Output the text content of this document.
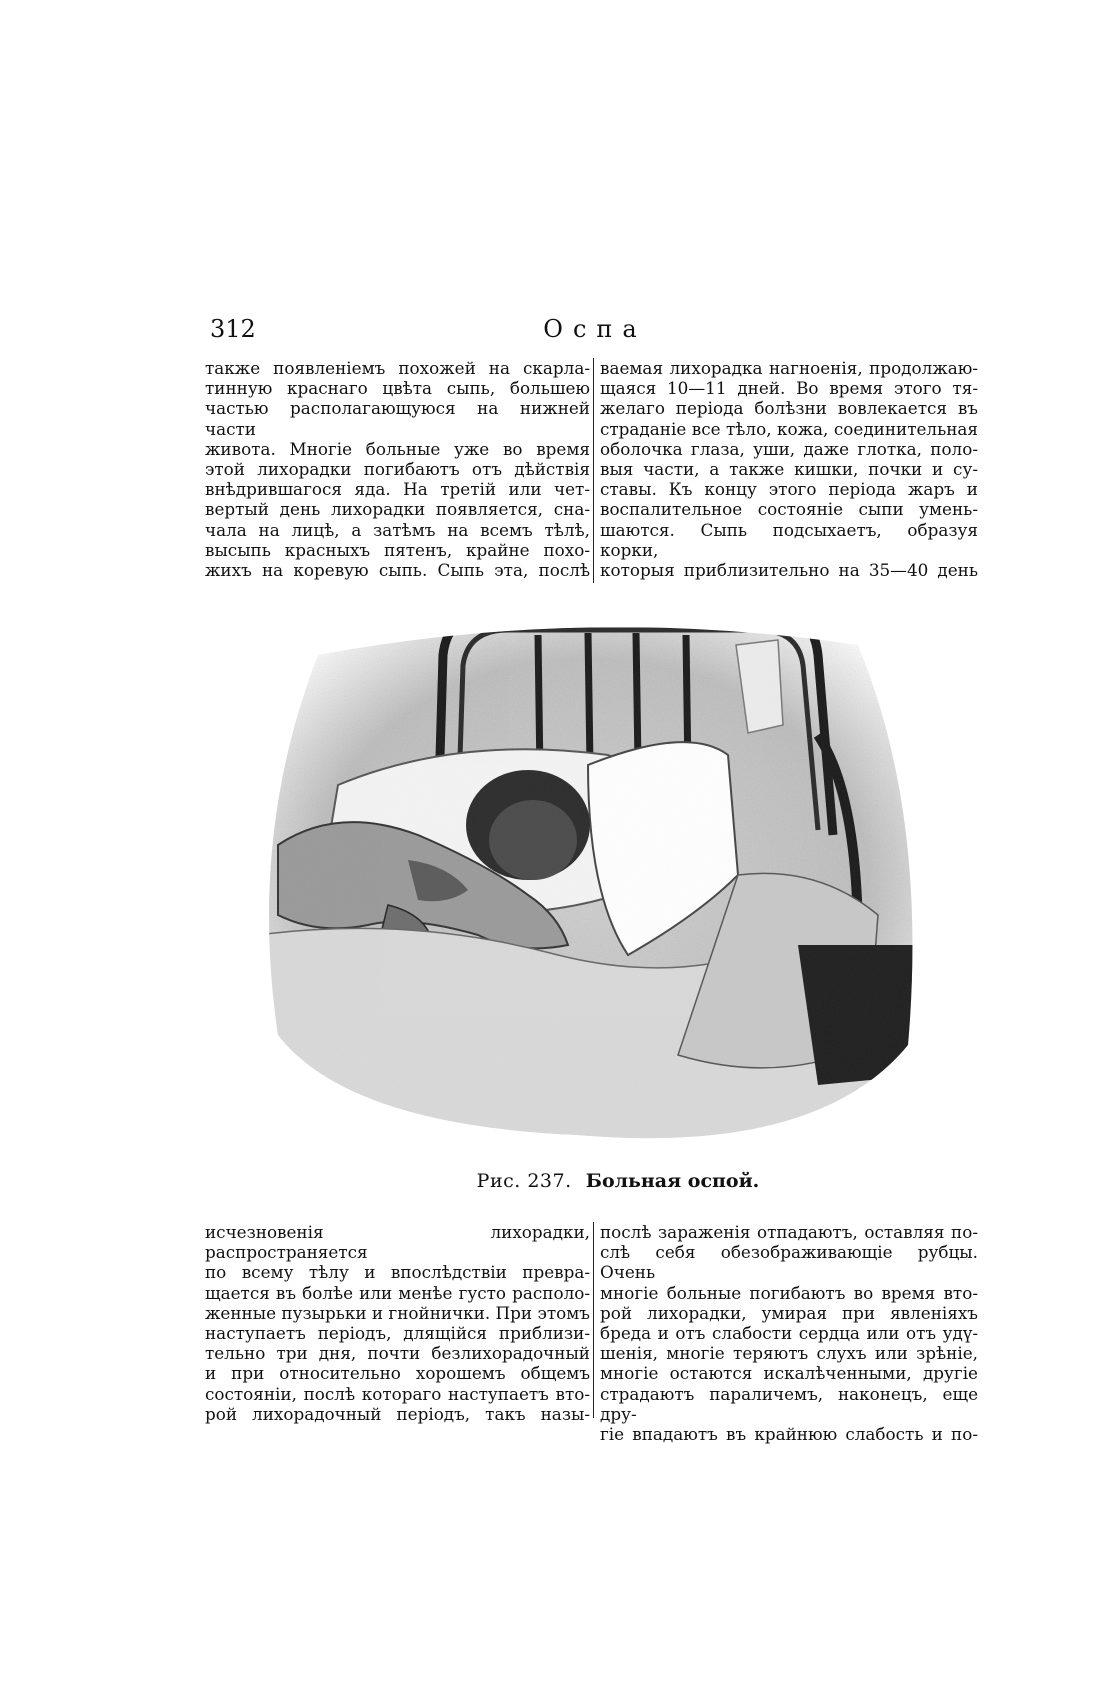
312	Оспа

также появленіемъ похожей на скарла-

тинную краснаго цвѣта сыпь, большею

частью располагающуюся на нижней части

живота. Многіе больные уже во время

этой лихорадки погибаютъ отъ дѣйствія

внѣдрившагося яда. На третій или чет-

вертый день лихорадки появляется, сна-

чала на лицѣ, а затѣмъ на всемъ тѣлѣ,

высыпь красныхъ пятенъ, крайне похо-

жихъ на коревую сыпь. Сыпь эта, послѣ

ваемая лихорадка нагноенія, продолжаю-

щаяся 10—11 дней. Во время этого тя-

желаго періода болѣзни вовлекается въ

страданіе все тѣло, кожа, соединительная

оболочка глаза, уши, даже глотка, поло-

выя части, а также кишки, почки и су-

ставы. Къ концу этого періода жаръ и

воспалительное состояніе сыпи умень-

шаются. Сыпь подсыхаетъ, образуя корки,

которыя приблизительно на 35—40 день

Рис. 237. Больная оспой.

исчезновенія лихорадки, распространяется

по всему тѣлу и впослѣдствіи превра-

щается въ болѣе или менѣе густо располо-

женные пузырьки и гнойнички. При этомъ

наступаетъ періодъ, длящійся приблизи-

тельно три дня, почти безлихорадочный

и при относительно хорошемъ общемъ

состояніи, послѣ котораго наступаетъ вто-

рой лихорадочный періодъ, такъ назы-

послѣ зараженія отпадаютъ, оставляя по-

слѣ себя обезображивающіе рубцы. Очень

многіе больные погибаютъ во время вто-

рой лихорадки, умирая при явленіяхъ

бреда и отъ слабости сердца или отъ удү-

шенія, многіе теряютъ слухъ или зрѣніе,

многіе остаются искалѣченными, другіе

страдаютъ параличемъ, наконецъ, еще дру-

гіе впадаютъ въ крайнюю слабость и по-
